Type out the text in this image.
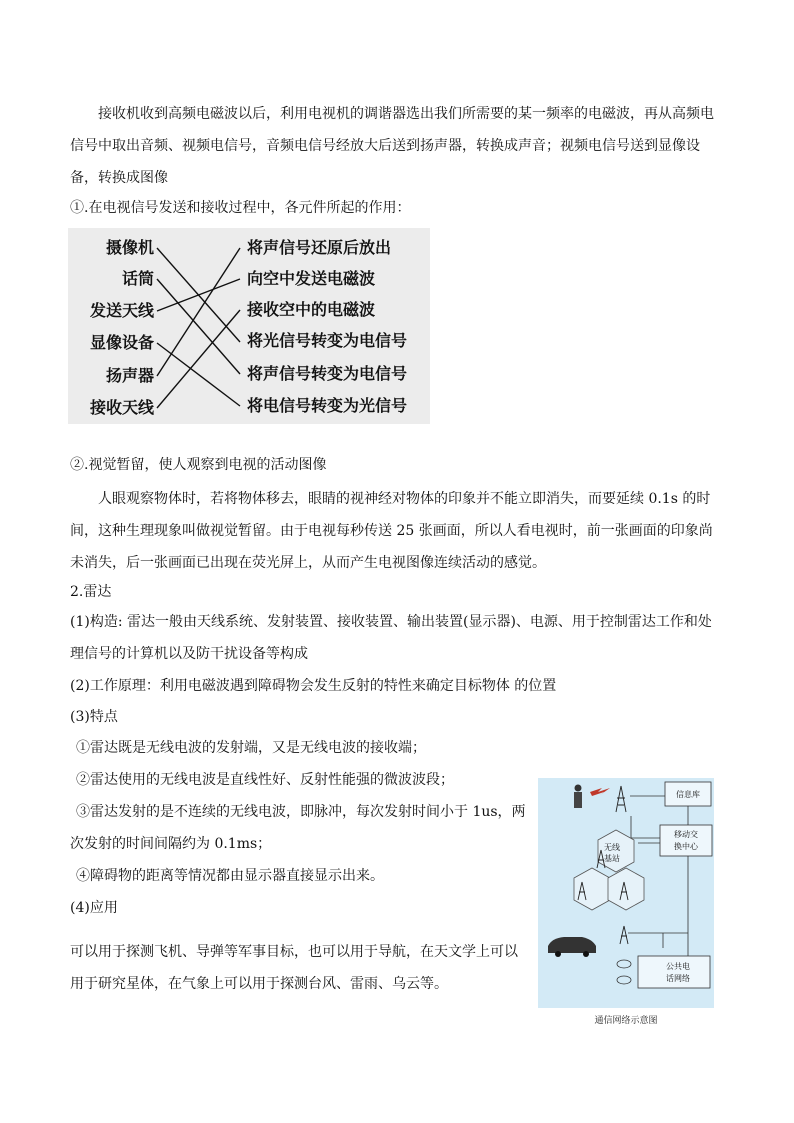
接收机收到高频电磁波以后，利用电视机的调谐器选出我们所需要的某一频率的电磁波，再从高频电信号中取出音频、视频电信号，音频电信号经放大后送到扬声器，转换成声音；视频电信号送到显像设备，转换成图像

①.在电视信号发送和接收过程中，各元件所起的作用：

摄像机
话筒
发送天线
显像设备
扬声器
接收天线
将声信号还原后放出
向空中发送电磁波
接收空中的电磁波
将光信号转变为电信号
将声信号转变为电信号
将电信号转变为光信号

②.视觉暂留，使人观察到电视的活动图像

人眼观察物体时，若将物体移去，眼睛的视神经对物体的印象并不能立即消失，而要延续 0.1s 的时间，这种生理现象叫做视觉暂留。由于电视每秒传送 25 张画面，所以人看电视时，前一张画面的印象尚未消失，后一张画面已出现在荧光屏上，从而产生电视图像连续活动的感觉。

2.雷达

(1)构造: 雷达一般由天线系统、发射装置、接收装置、输出装置(显示器)、电源、用于控制雷达工作和处理信号的计算机以及防干扰设备等构成

(2)工作原理：利用电磁波遇到障碍物会发生反射的特性来确定目标物体 的位置

(3)特点

①雷达既是无线电波的发射端，又是无线电波的接收端；

②雷达使用的无线电波是直线性好、反射性能强的微波波段；

③雷达发射的是不连续的无线电波，即脉冲，每次发射时间小于 1us，两

次发射的时间间隔约为 0.1ms；

④障碍物的距离等情况都由显示器直接显示出来。

(4)应用

可以用于探测飞机、导弹等军事目标，也可以用于导航，在天文学上可以

用于研究星体，在气象上可以用于探测台风、雷雨、乌云等。

信息库
移动交
换中心
无线
基站
公共电
话网络

通信网络示意图
